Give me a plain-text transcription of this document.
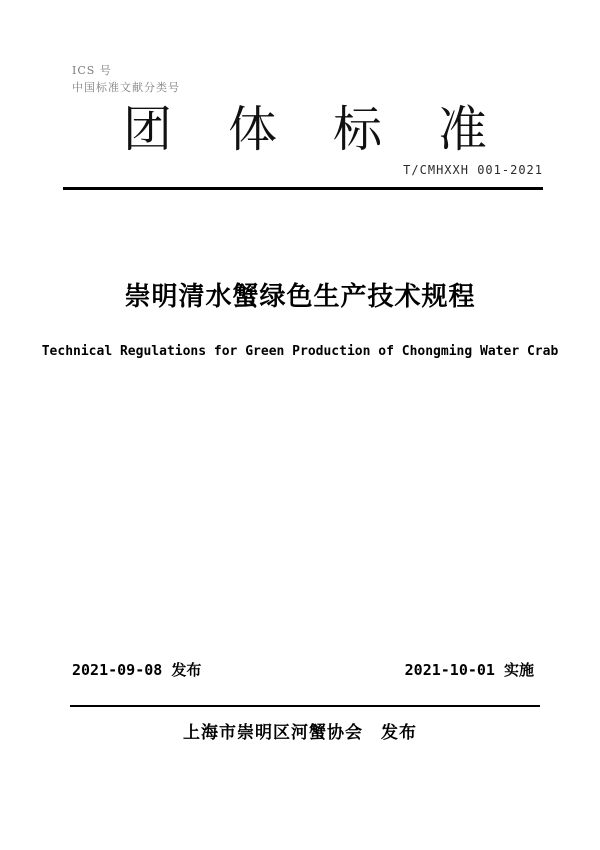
ICS 号
中国标准文献分类号
团体标准
T/CMHXXH 001-2021
崇明清水蟹绿色生产技术规程
Technical Regulations for Green Production of Chongming Water Crab
2021-09-08 发布	2021-10-01 实施
上海市崇明区河蟹协会　发布
